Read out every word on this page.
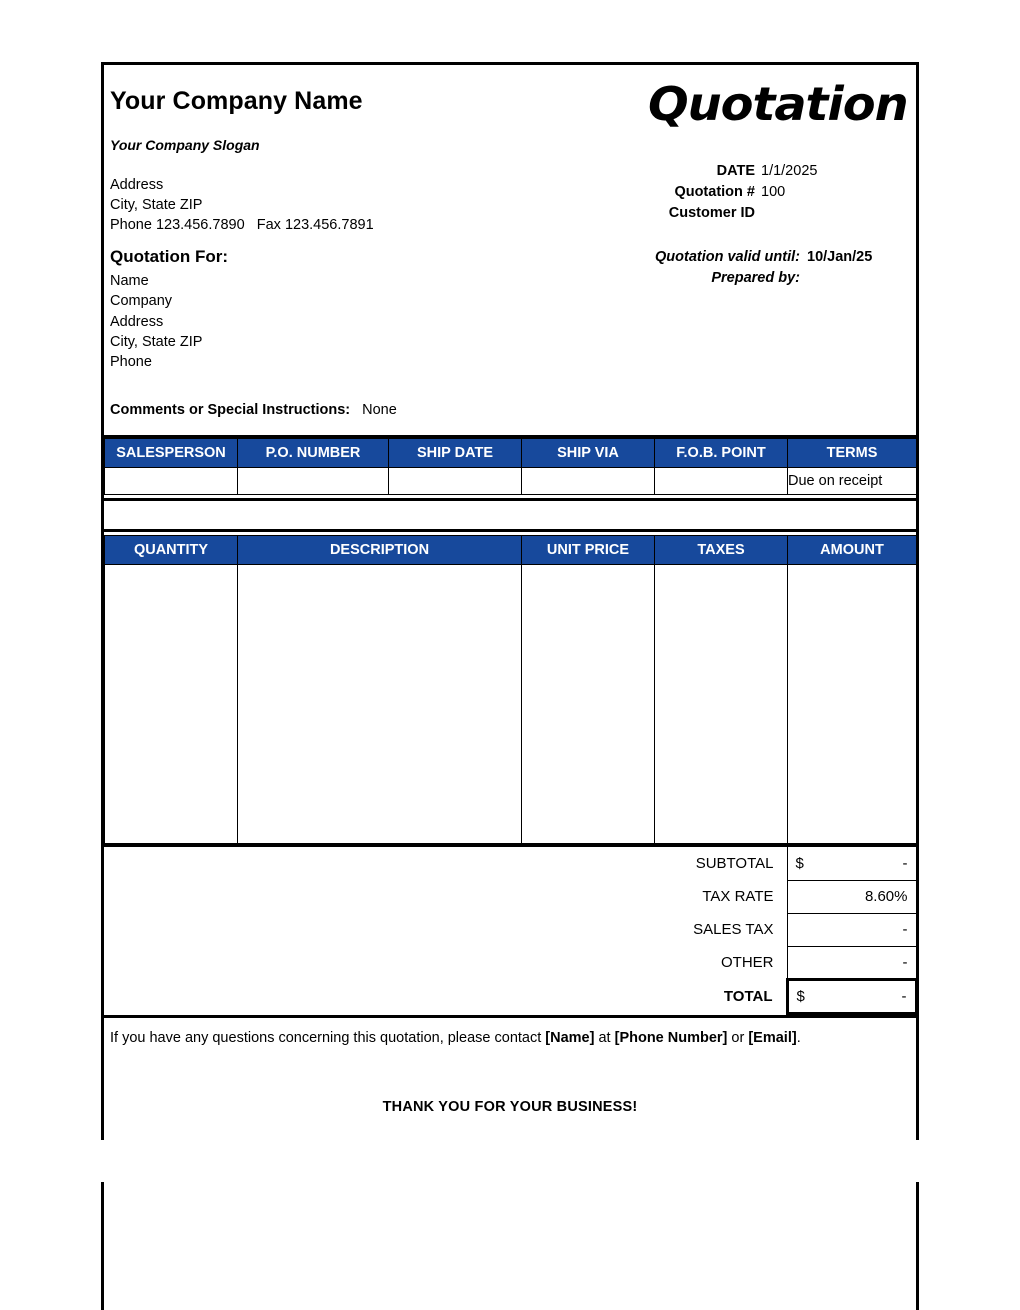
Your Company Name
Your Company Slogan
Address
City, State ZIP
Phone 123.456.7890   Fax 123.456.7891
Quotation
DATE 1/1/2025
Quotation # 100
Customer ID
Quotation For:
Name
Company
Address
City, State ZIP
Phone
Quotation valid until: 10/Jan/25
Prepared by:
Comments or Special Instructions: None
SALESPERSON	P.O. NUMBER	SHIP DATE	SHIP VIA	F.O.B. POINT	TERMS
					Due on receipt
QUANTITY	DESCRIPTION	UNIT PRICE	TAXES	AMOUNT

	SUBTOTAL	$ -

	TAX RATE	8.60%

	SALES TAX	-

	OTHER	-

	TOTAL	$ -
If you have any questions concerning this quotation, please contact [Name] at [Phone Number] or [Email].
THANK YOU FOR YOUR BUSINESS!
